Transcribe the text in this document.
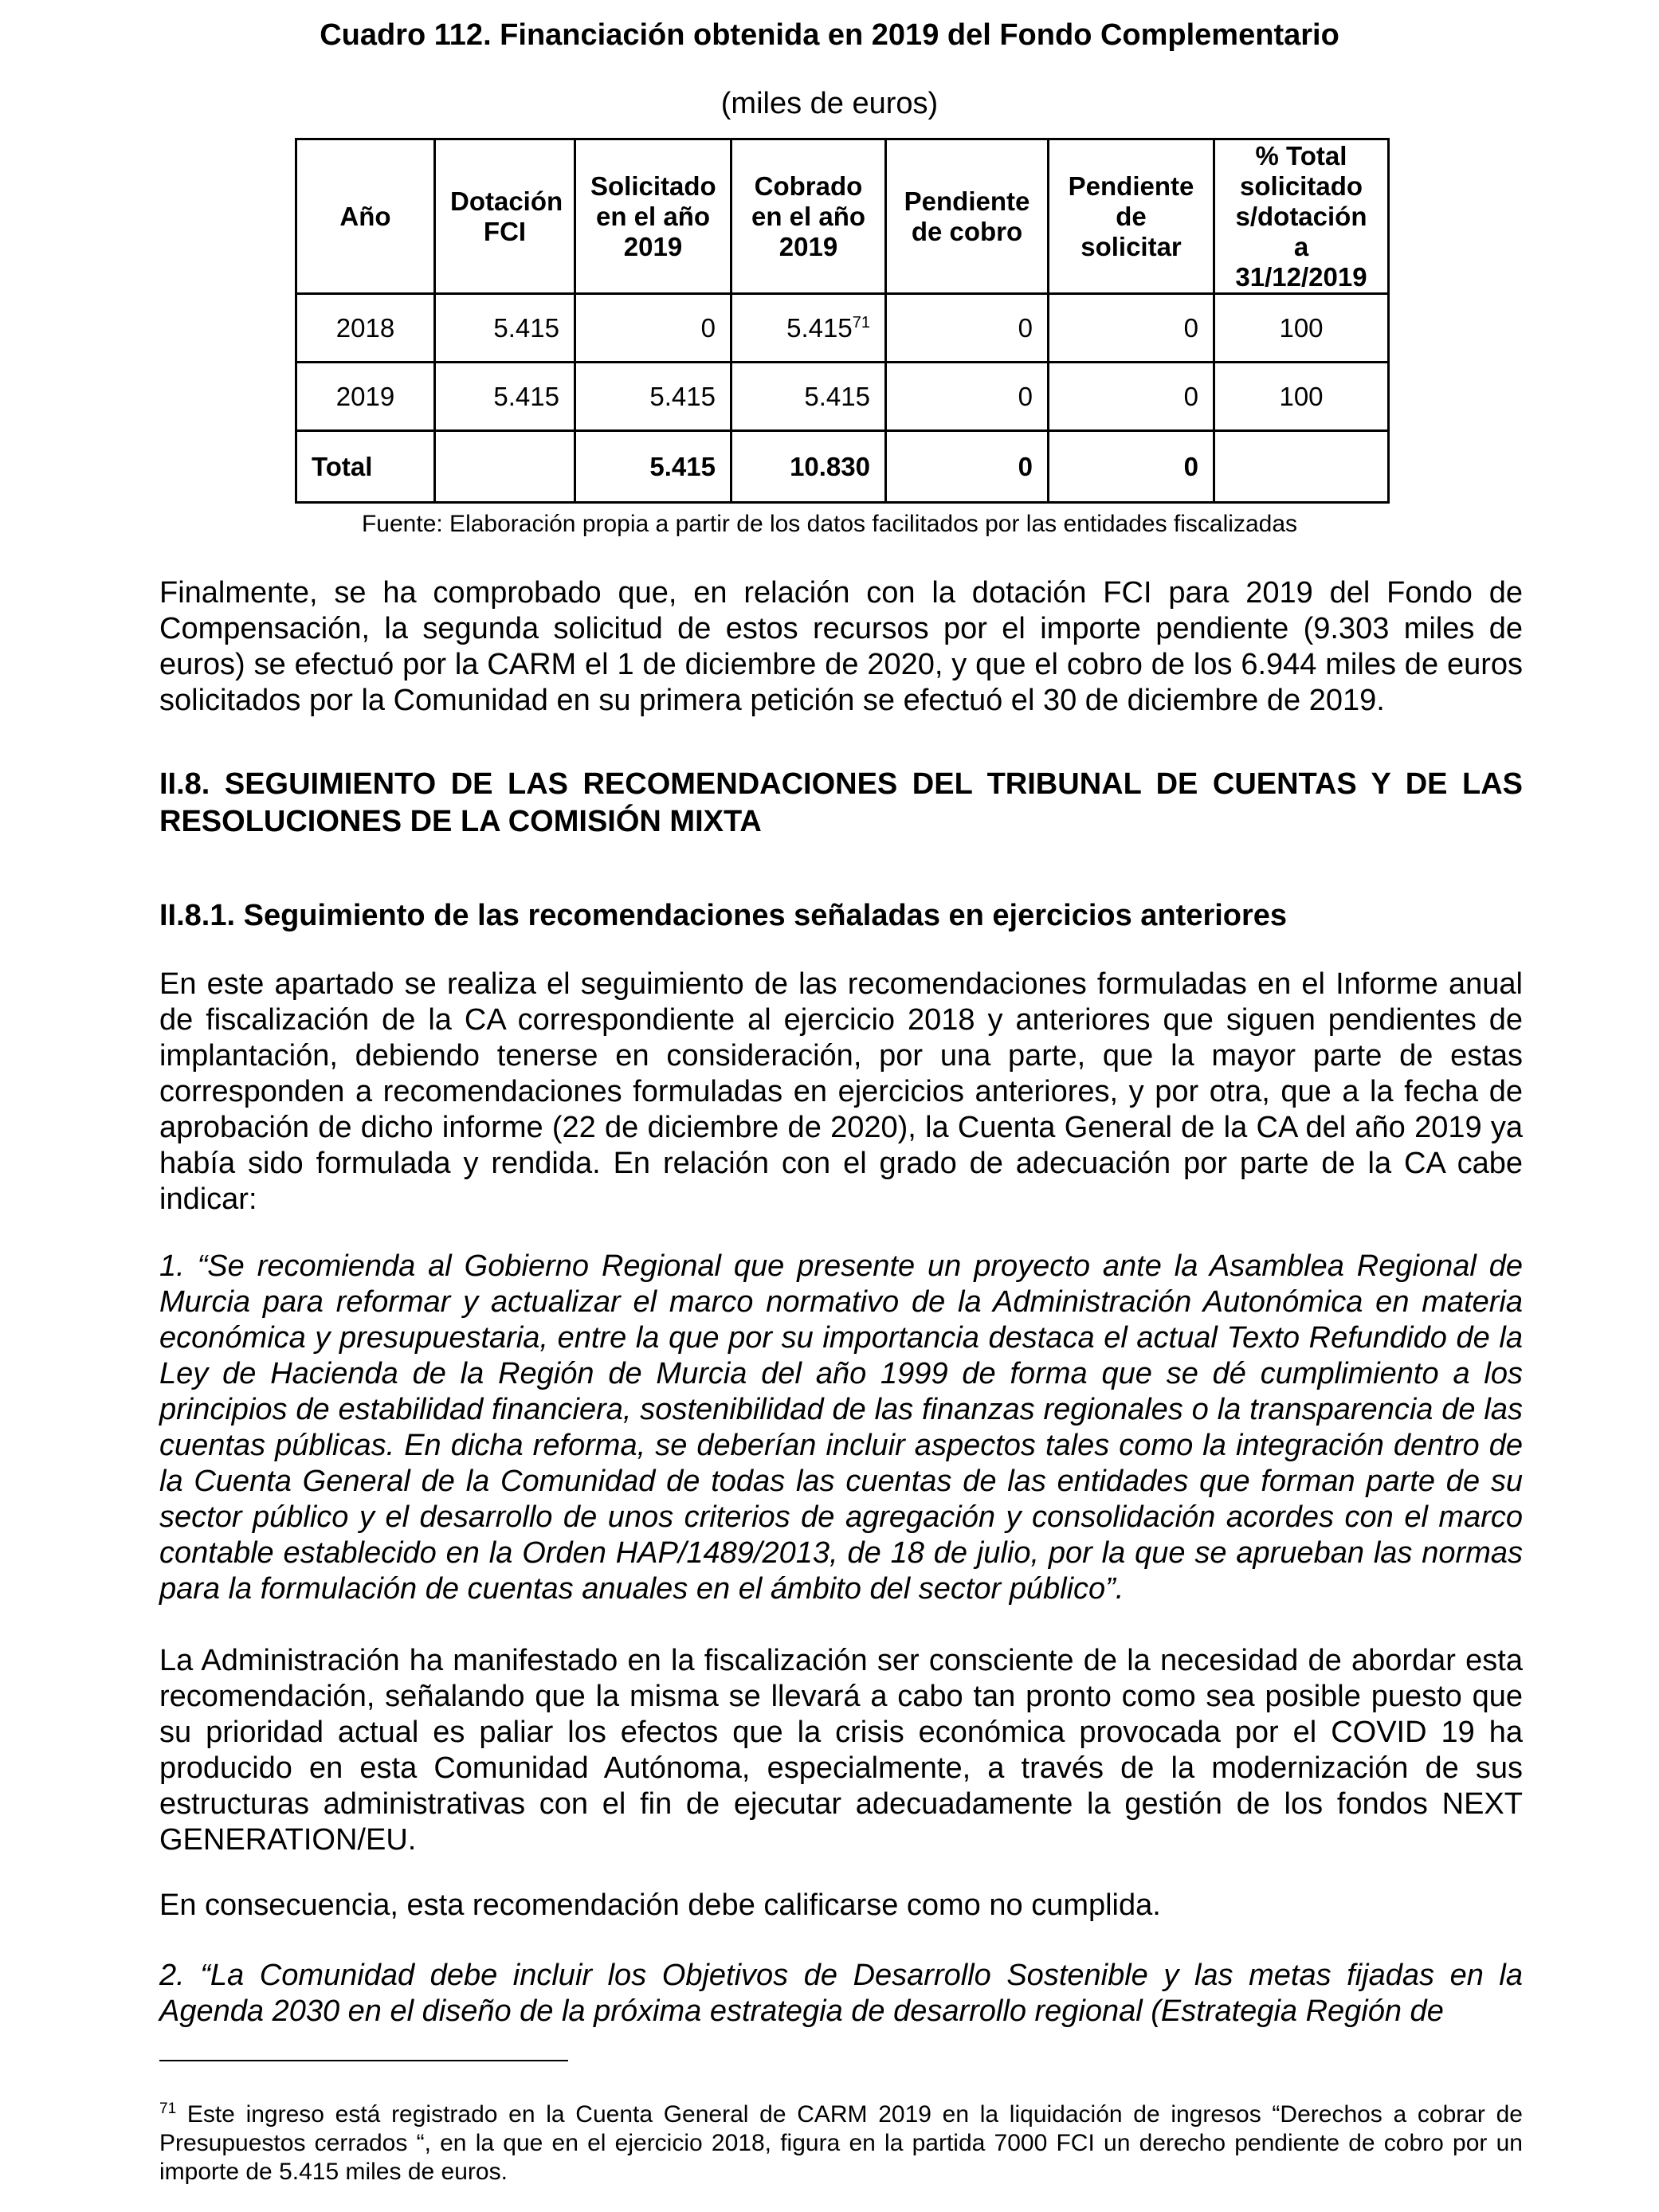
Cuadro 112. Financiación obtenida en 2019 del Fondo Complementario
(miles de euros)
Año	Dotación FCI	Solicitado en el año 2019	Cobrado en el año 2019	Pendiente de cobro	Pendiente de solicitar	% Total solicitado s/dotación a 31/12/2019
2018	5.415	0	5.415$^{71}$	0	0	100
2019	5.415	5.415	5.415	0	0	100
Total		5.415	10.830	0	0	
Fuente: Elaboración propia a partir de los datos facilitados por las entidades fiscalizadas

Finalmente, se ha comprobado que, en relación con la dotación FCI para 2019 del Fondo de Compensación, la segunda solicitud de estos recursos por el importe pendiente (9.303 miles de euros) se efectuó por la CARM el 1 de diciembre de 2020, y que el cobro de los 6.944 miles de euros solicitados por la Comunidad en su primera petición se efectuó el 30 de diciembre de 2019.

II.8. SEGUIMIENTO DE LAS RECOMENDACIONES DEL TRIBUNAL DE CUENTAS Y DE LAS RESOLUCIONES DE LA COMISIÓN MIXTA

II.8.1. Seguimiento de las recomendaciones señaladas en ejercicios anteriores

En este apartado se realiza el seguimiento de las recomendaciones formuladas en el Informe anual de fiscalización de la CA correspondiente al ejercicio 2018 y anteriores que siguen pendientes de implantación, debiendo tenerse en consideración, por una parte, que la mayor parte de estas corresponden a recomendaciones formuladas en ejercicios anteriores, y por otra, que a la fecha de aprobación de dicho informe (22 de diciembre de 2020), la Cuenta General de la CA del año 2019 ya había sido formulada y rendida. En relación con el grado de adecuación por parte de la CA cabe indicar:

1. “Se recomienda al Gobierno Regional que presente un proyecto ante la Asamblea Regional de Murcia para reformar y actualizar el marco normativo de la Administración Autonómica en materia económica y presupuestaria, entre la que por su importancia destaca el actual Texto Refundido de la Ley de Hacienda de la Región de Murcia del año 1999 de forma que se dé cumplimiento a los principios de estabilidad financiera, sostenibilidad de las finanzas regionales o la transparencia de las cuentas públicas. En dicha reforma, se deberían incluir aspectos tales como la integración dentro de la Cuenta General de la Comunidad de todas las cuentas de las entidades que forman parte de su sector público y el desarrollo de unos criterios de agregación y consolidación acordes con el marco contable establecido en la Orden HAP/1489/2013, de 18 de julio, por la que se aprueban las normas para la formulación de cuentas anuales en el ámbito del sector público”.

La Administración ha manifestado en la fiscalización ser consciente de la necesidad de abordar esta recomendación, señalando que la misma se llevará a cabo tan pronto como sea posible puesto que su prioridad actual es paliar los efectos que la crisis económica provocada por el COVID 19 ha producido en esta Comunidad Autónoma, especialmente, a través de la modernización de sus estructuras administrativas con el fin de ejecutar adecuadamente la gestión de los fondos NEXT GENERATION/EU.

En consecuencia, esta recomendación debe calificarse como no cumplida.

2. “La Comunidad debe incluir los Objetivos de Desarrollo Sostenible y las metas fijadas en la Agenda 2030 en el diseño de la próxima estrategia de desarrollo regional (Estrategia Región de

$^{71}$ Este ingreso está registrado en la Cuenta General de CARM 2019 en la liquidación de ingresos “Derechos a cobrar de Presupuestos cerrados “, en la que en el ejercicio 2018, figura en la partida 7000 FCI un derecho pendiente de cobro por un importe de 5.415 miles de euros.
